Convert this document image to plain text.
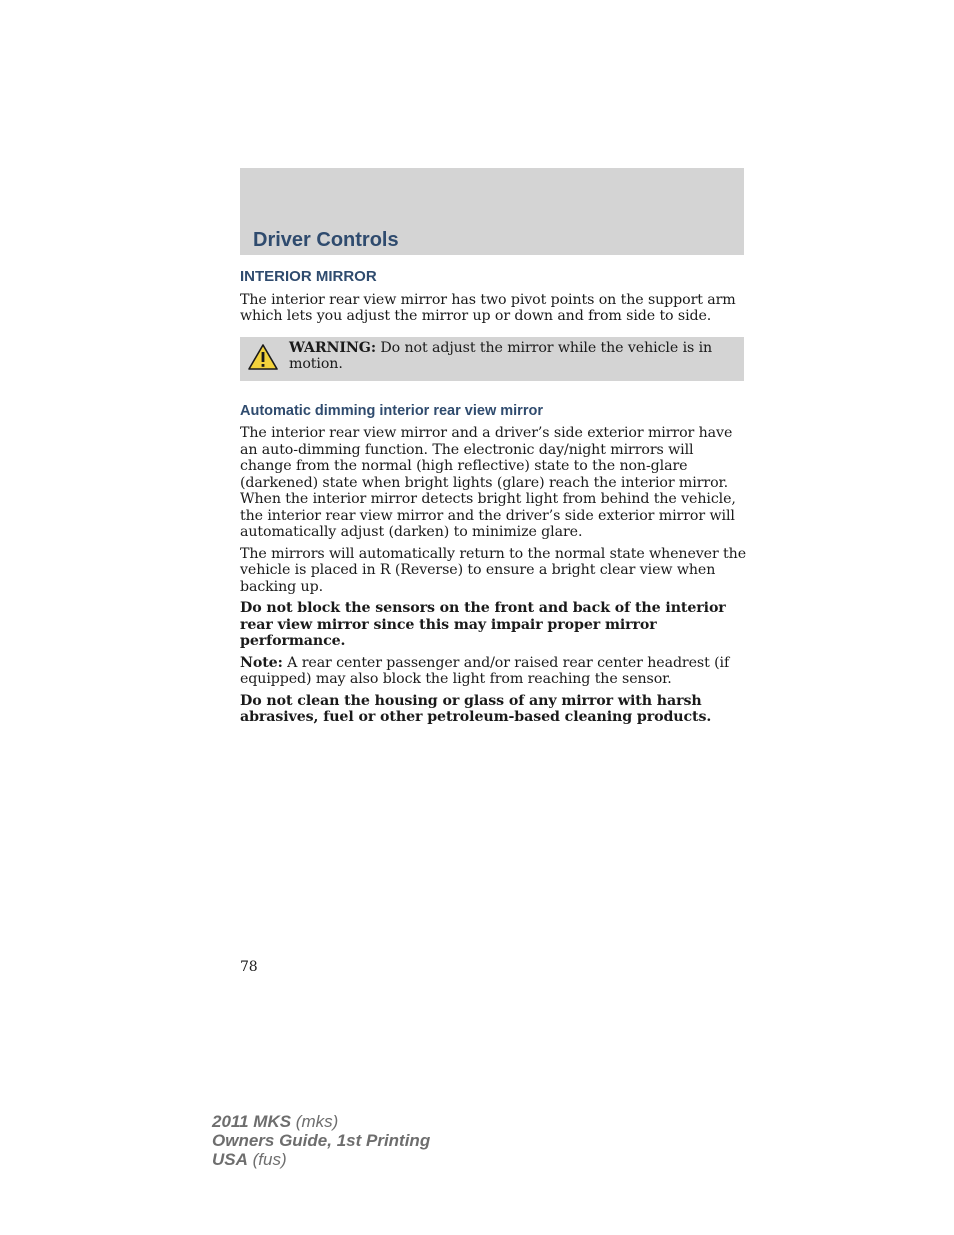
Driver Controls
INTERIOR MIRROR

The interior rear view mirror has two pivot points on the support arm which lets you adjust the mirror up or down and from side to side.

WARNING: Do not adjust the mirror while the vehicle is in motion.

Automatic dimming interior rear view mirror

The interior rear view mirror and a driver’s side exterior mirror have an auto-dimming function. The electronic day/night mirrors will change from the normal (high reflective) state to the non-glare (darkened) state when bright lights (glare) reach the interior mirror. When the interior mirror detects bright light from behind the vehicle, the interior rear view mirror and the driver’s side exterior mirror will automatically adjust (darken) to minimize glare.

The mirrors will automatically return to the normal state whenever the vehicle is placed in R (Reverse) to ensure a bright clear view when backing up.

Do not block the sensors on the front and back of the interior rear view mirror since this may impair proper mirror performance.

Note: A rear center passenger and/or raised rear center headrest (if equipped) may also block the light from reaching the sensor.

Do not clean the housing or glass of any mirror with harsh abrasives, fuel or other petroleum-based cleaning products.

78

2011 MKS (mks)
Owners Guide, 1st Printing
USA (fus)
